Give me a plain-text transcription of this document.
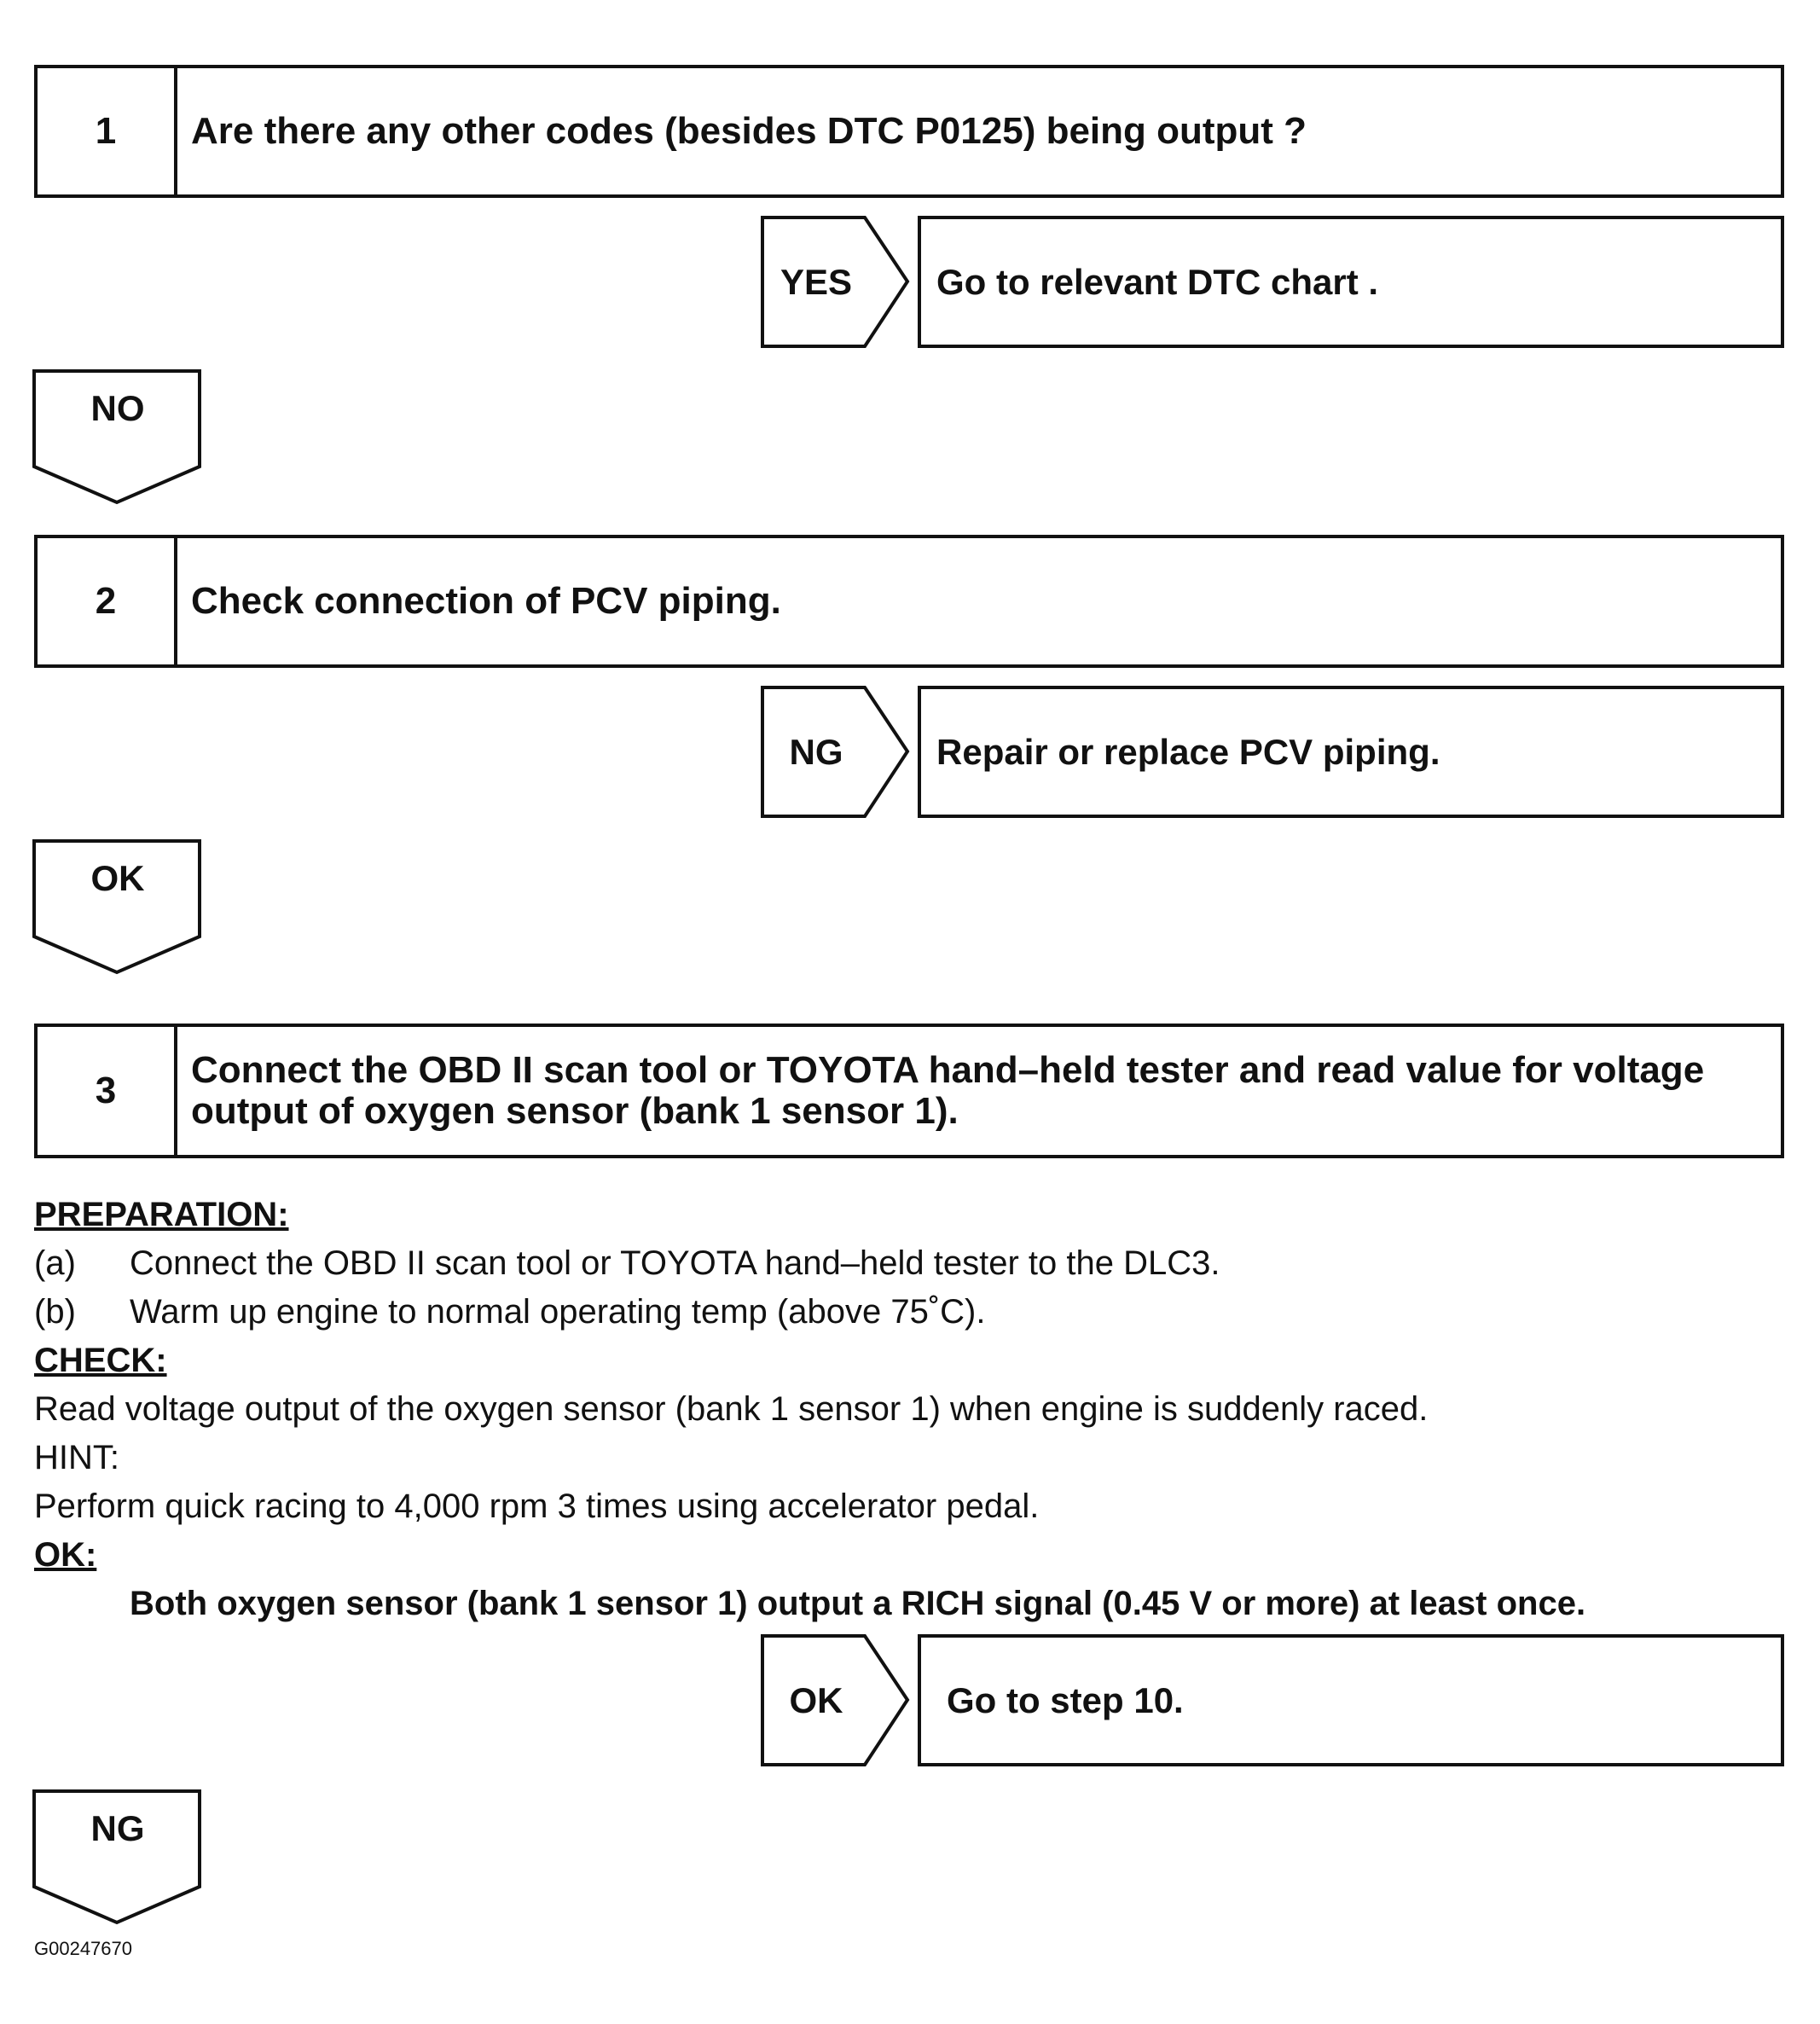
1	Are there any other codes (besides DTC P0125) being output ?
YES	Go to relevant DTC chart .
NO
2	Check connection of PCV piping.
NG	Repair or replace PCV piping.
OK
3	Connect the OBD II scan tool or TOYOTA hand–held tester and read value for voltage output of oxygen sensor (bank 1 sensor 1).
PREPARATION:
(a) Connect the OBD II scan tool or TOYOTA hand–held tester to the DLC3.
(b) Warm up engine to normal operating temp (above 75˚C).
CHECK:
Read voltage output of the oxygen sensor (bank 1 sensor 1) when engine is suddenly raced.
HINT:
Perform quick racing to 4,000 rpm 3 times using accelerator pedal.
OK:
Both oxygen sensor (bank 1 sensor 1) output a RICH signal (0.45 V or more) at least once.
OK	Go to step 10.
NG
G00247670
